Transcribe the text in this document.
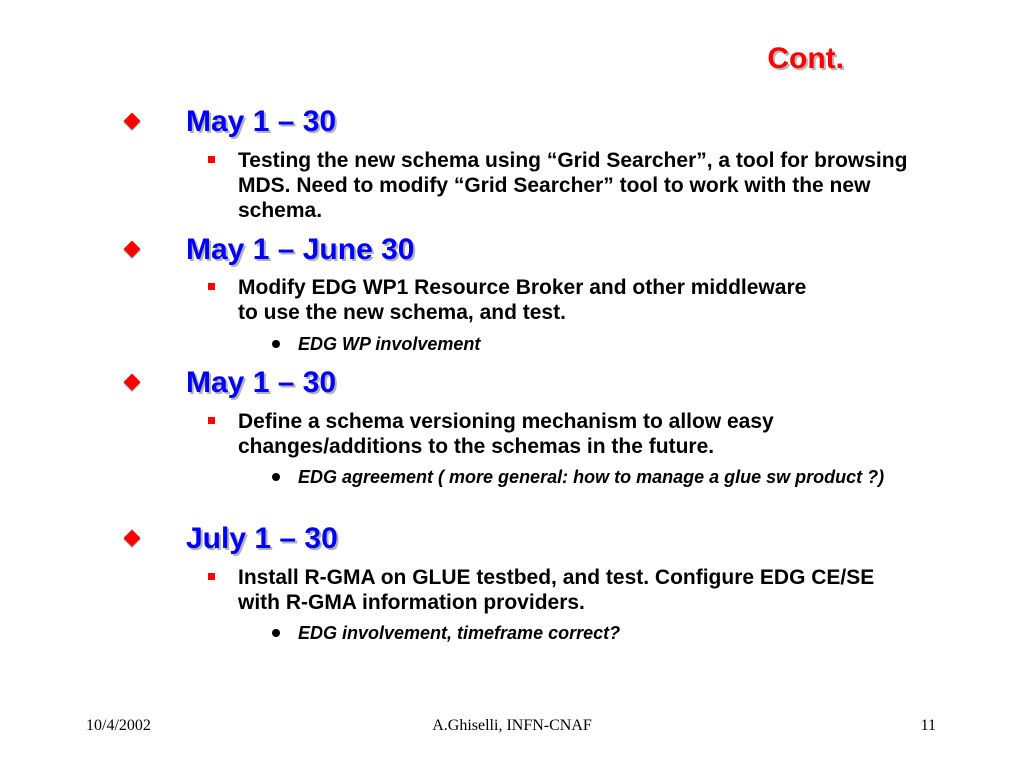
Cont.
May 1 – 30
Testing the new schema using “Grid Searcher”, a tool for browsing MDS. Need to modify “Grid Searcher” tool to work with the new schema.
May 1 – June 30
Modify EDG WP1 Resource Broker and other middleware to use the new schema, and test.
EDG WP involvement
May 1 – 30
Define a schema versioning mechanism to allow easy changes/additions to the schemas in the future.
EDG agreement ( more general: how to manage a glue sw product ?)
July 1 – 30
Install R-GMA on GLUE testbed, and test. Configure EDG CE/SE with R-GMA information providers.
EDG involvement, timeframe correct?
10/4/2002	A.Ghiselli, INFN-CNAF	11
